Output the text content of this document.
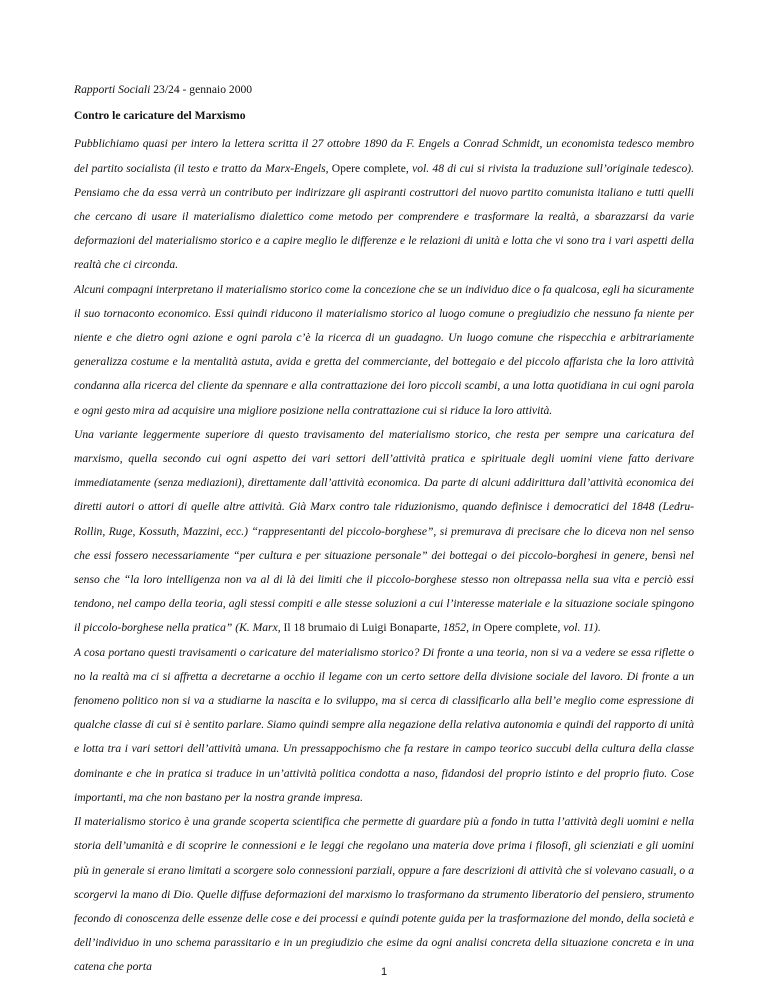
Rapporti Sociali 23/24 - gennaio 2000

Contro le caricature del Marxismo

Pubblichiamo quasi per intero la lettera scritta il 27 ottobre 1890 da F. Engels a Conrad Schmidt, un economista tedesco membro del partito socialista (il testo e tratto da Marx-Engels, Opere complete, vol. 48 di cui si rivista la traduzione sull’originale tedesco). Pensiamo che da essa verrà un contributo per indirizzare gli aspiranti costruttori del nuovo partito comunista italiano e tutti quelli che cercano di usare il materialismo dialettico come metodo per comprendere e trasformare la realtà, a sbarazzarsi da varie deformazioni del materialismo storico e a capire meglio le differenze e le relazioni di unità e lotta che vi sono tra i vari aspetti della realtà che ci circonda.

Alcuni compagni interpretano il materialismo storico come la concezione che se un individuo dice o fa qualcosa, egli ha sicuramente il suo tornaconto economico. Essi quindi riducono il materialismo storico al luogo comune o pregiudizio che nessuno fa niente per niente e che dietro ogni azione e ogni parola c’è la ricerca di un guadagno. Un luogo comune che rispecchia e arbitrariamente generalizza costume e la mentalità astuta, avida e gretta del commerciante, del bottegaio e del piccolo affarista che la loro attività condanna alla ricerca del cliente da spennare e alla contrattazione dei loro piccoli scambi, a una lotta quotidiana in cui ogni parola e ogni gesto mira ad acquisire una migliore posizione nella contrattazione cui si riduce la loro attività.

Una variante leggermente superiore di questo travisamento del materialismo storico, che resta per sempre una caricatura del marxismo, quella secondo cui ogni aspetto dei vari settori dell’attività pratica e spirituale degli uomini viene fatto derivare immediatamente (senza mediazioni), direttamente dall’attività economica. Da parte di alcuni addirittura dall’attività economica dei diretti autori o attori di quelle altre attività. Già Marx contro tale riduzionismo, quando definisce i democratici del 1848 (Ledru-Rollin, Ruge, Kossuth, Mazzini, ecc.) “rappresentanti del piccolo-borghese”, si premurava di precisare che lo diceva non nel senso che essi fossero necessariamente “per cultura e per situazione personale” dei bottegai o dei piccolo-borghesi in genere, bensì nel senso che “la loro intelligenza non va al di là dei limiti che il piccolo-borghese stesso non oltrepassa nella sua vita e perciò essi tendono, nel campo della teoria, agli stessi compiti e alle stesse soluzioni a cui l’interesse materiale e la situazione sociale spingono il piccolo-borghese nella pratica” (K. Marx, Il 18 brumaio di Luigi Bonaparte, 1852, in Opere complete, vol. 11).

A cosa portano questi travisamenti o caricature del materialismo storico? Di fronte a una teoria, non si va a vedere se essa riflette o no la realtà ma ci si affretta a decretarne a occhio il legame con un certo settore della divisione sociale del lavoro. Di fronte a un fenomeno politico non si va a studiarne la nascita e lo sviluppo, ma si cerca di classificarlo alla bell’e meglio come espressione di qualche classe di cui si è sentito parlare. Siamo quindi sempre alla negazione della relativa autonomia e quindi del rapporto di unità e lotta tra i vari settori dell’attività umana. Un pressappochismo che fa restare in campo teorico succubi della cultura della classe dominante e che in pratica si traduce in un’attività politica condotta a naso, fidandosi del proprio istinto e del proprio fiuto. Cose importanti, ma che non bastano per la nostra grande impresa.

Il materialismo storico è una grande scoperta scientifica che permette di guardare più a fondo in tutta l’attività degli uomini e nella storia dell’umanità e di scoprire le connessioni e le leggi che regolano una materia dove prima i filosofi, gli scienziati e gli uomini più in generale si erano limitati a scorgere solo connessioni parziali, oppure a fare descrizioni di attività che si volevano casuali, o a scorgervi la mano di Dio. Quelle diffuse deformazioni del marxismo lo trasformano da strumento liberatorio del pensiero, strumento fecondo di conoscenza delle essenze delle cose e dei processi e quindi potente guida per la trasformazione del mondo, della società e dell’individuo in uno schema parassitario e in un pregiudizio che esime da ogni analisi concreta della situazione concreta e in una catena che porta	1
